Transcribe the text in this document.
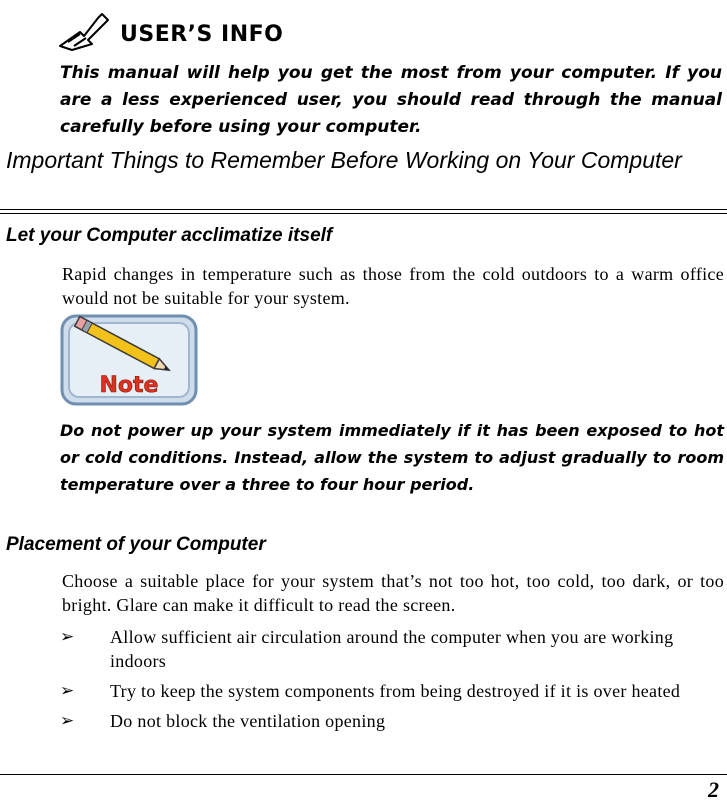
USER’S INFO
This manual will help you get the most from your computer. If you are a less experienced user, you should read through the manual carefully before using your computer.
Important Things to Remember Before Working on Your Computer
Let your Computer acclimatize itself
Rapid changes in temperature such as those from the cold outdoors to a warm office would not be suitable for your system.
Note
Do not power up your system immediately if it has been exposed to hot or cold conditions. Instead, allow the system to adjust gradually to room temperature over a three to four hour period.
Placement of your Computer
Choose a suitable place for your system that’s not too hot, too cold, too dark, or too bright. Glare can make it difficult to read the screen.
➢	Allow sufficient air circulation around the computer when you are working indoors
➢	Try to keep the system components from being destroyed if it is over heated
➢	Do not block the ventilation opening
2
